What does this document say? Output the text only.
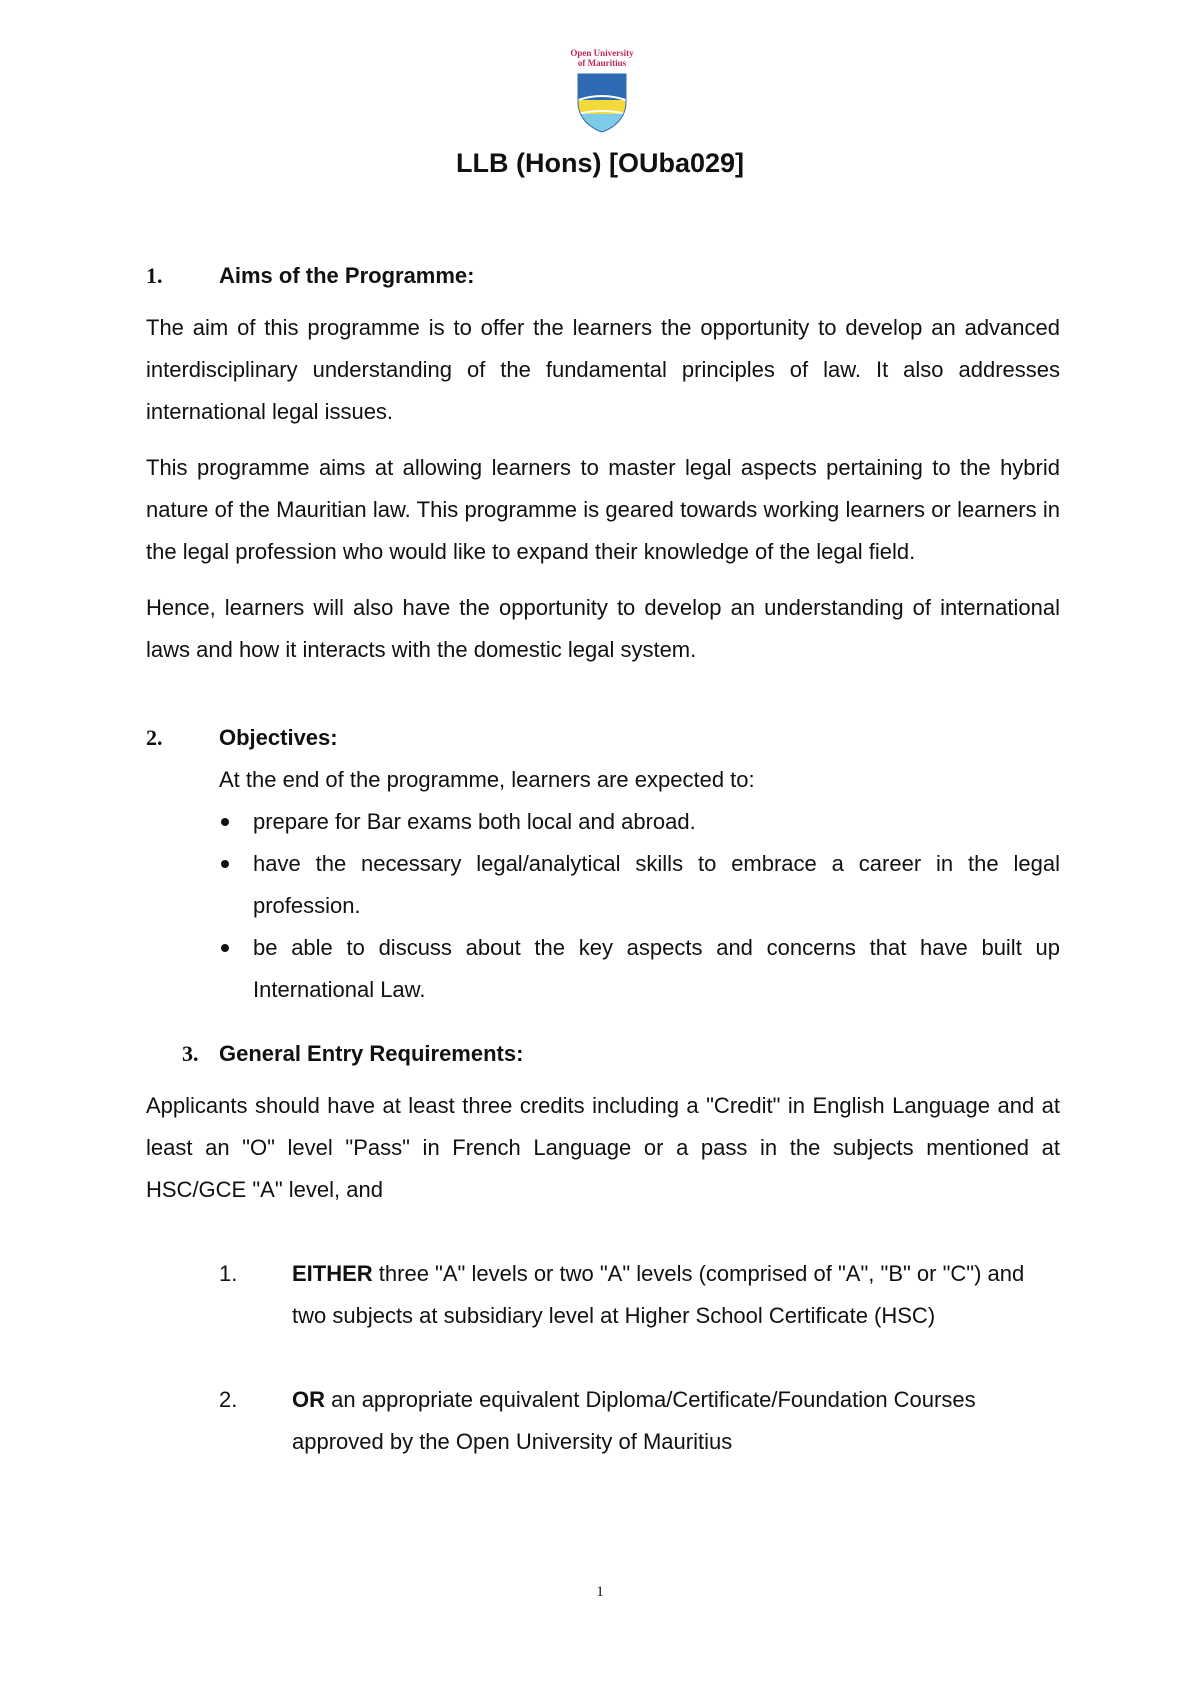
Open University
of Mauritius
LLB (Hons) [OUba029]
1.	Aims of the Programme:

The aim of this programme is to offer the learners the opportunity to develop an advanced interdisciplinary understanding of the fundamental principles of law. It also addresses international legal issues.

This programme aims at allowing learners to master legal aspects pertaining to the hybrid nature of the Mauritian law. This programme is geared towards working learners or learners in the legal profession who would like to expand their knowledge of the legal field.

Hence, learners will also have the opportunity to develop an understanding of international laws and how it interacts with the domestic legal system.

2.	Objectives:

At the end of the programme, learners are expected to:

prepare for Bar exams both local and abroad.
have the necessary legal/analytical skills to embrace a career in the legal profession.
be able to discuss about the key aspects and concerns that have built up International Law.
3. General Entry Requirements:

Applicants should have at least three credits including a "Credit" in English Language and at least an "O" level "Pass" in French Language or a pass in the subjects mentioned at HSC/GCE "A" level, and

1.	EITHER three "A" levels or two "A" levels (comprised of "A", "B" or "C") and two subjects at subsidiary level at Higher School Certificate (HSC)
2.	OR an appropriate equivalent Diploma/Certificate/Foundation Courses approved by the Open University of Mauritius
1
